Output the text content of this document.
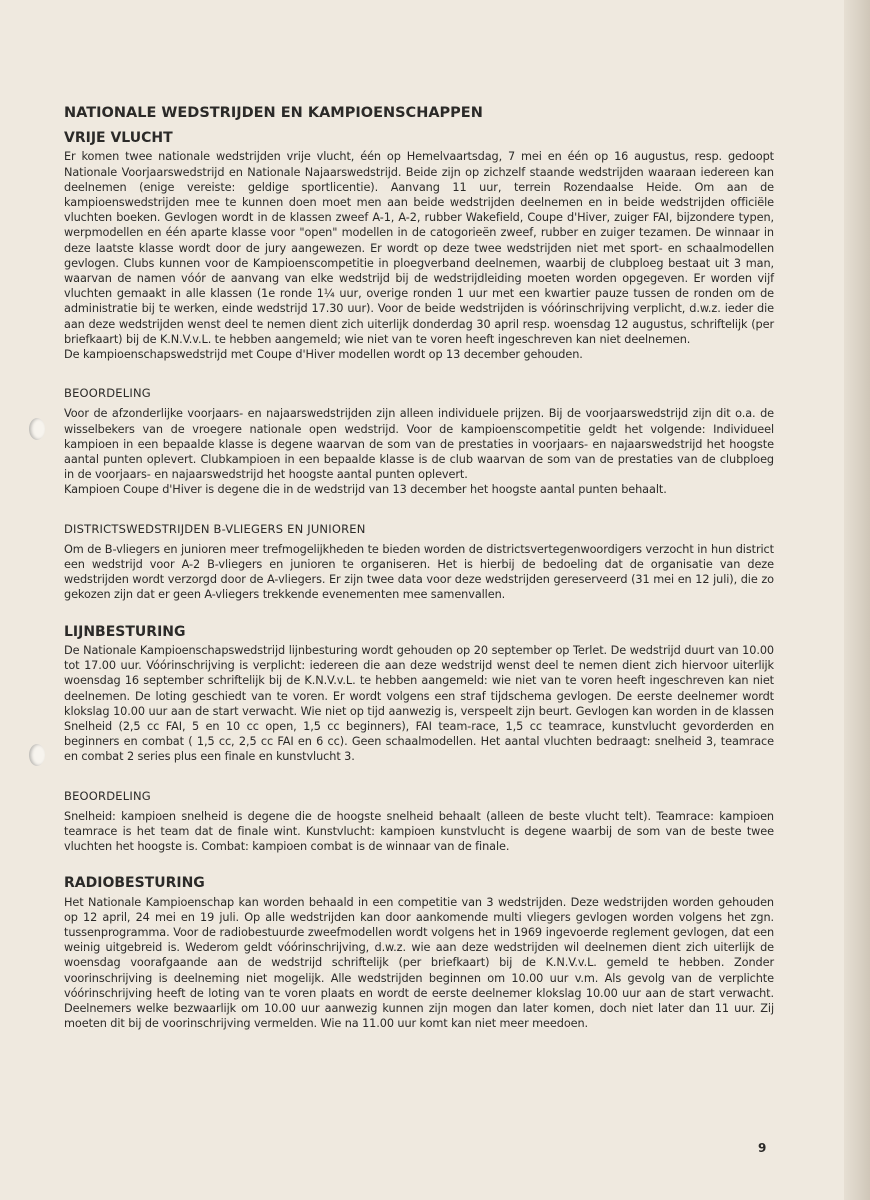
NATIONALE WEDSTRIJDEN EN KAMPIOENSCHAPPEN
VRIJE VLUCHT

Er komen twee nationale wedstrijden vrije vlucht, één op Hemelvaartsdag, 7 mei en één op 16 augustus, resp. gedoopt Nationale Voorjaarswedstrijd en Nationale Najaarswedstrijd. Beide zijn op zichzelf staande wedstrijden waaraan iedereen kan deelnemen (enige vereiste: geldige sportlicentie). Aanvang 11 uur, terrein Rozendaalse Heide. Om aan de kampioenswedstrijden mee te kunnen doen moet men aan beide wedstrijden deelnemen en in beide wedstrijden officiële vluchten boeken. Gevlogen wordt in de klassen zweef A-1, A-2, rubber Wakefield, Coupe d'Hiver, zuiger FAI, bijzondere typen, werpmodellen en één aparte klasse voor "open" modellen in de catogorieën zweef, rubber en zuiger tezamen. De winnaar in deze laatste klasse wordt door de jury aangewezen. Er wordt op deze twee wedstrijden niet met sport- en schaalmodellen gevlogen. Clubs kunnen voor de Kampioenscompetitie in ploegverband deelnemen, waarbij de clubploeg bestaat uit 3 man, waarvan de namen vóór de aanvang van elke wedstrijd bij de wedstrijdleiding moeten worden opgegeven. Er worden vijf vluchten gemaakt in alle klassen (1e ronde 1¼ uur, overige ronden 1 uur met een kwartier pauze tussen de ronden om de administratie bij te werken, einde wedstrijd 17.30 uur). Voor de beide wedstrijden is vóórinschrijving verplicht, d.w.z. ieder die aan deze wedstrijden wenst deel te nemen dient zich uiterlijk donderdag 30 april resp. woensdag 12 augustus, schriftelijk (per briefkaart) bij de K.N.V.v.L. te hebben aangemeld; wie niet van te voren heeft ingeschreven kan niet deelnemen.

De kampioenschapswedstrijd met Coupe d'Hiver modellen wordt op 13 december gehouden.

BEOORDELING

Voor de afzonderlijke voorjaars- en najaarswedstrijden zijn alleen individuele prijzen. Bij de voorjaarswedstrijd zijn dit o.a. de wisselbekers van de vroegere nationale open wedstrijd. Voor de kampioenscompetitie geldt het volgende: Individueel kampioen in een bepaalde klasse is degene waarvan de som van de prestaties in voorjaars- en najaarswedstrijd het hoogste aantal punten oplevert. Clubkampioen in een bepaalde klasse is de club waarvan de som van de prestaties van de clubploeg in de voorjaars- en najaarswedstrijd het hoogste aantal punten oplevert.

Kampioen Coupe d'Hiver is degene die in de wedstrijd van 13 december het hoogste aantal punten behaalt.

DISTRICTSWEDSTRIJDEN B-VLIEGERS EN JUNIOREN

Om de B-vliegers en junioren meer trefmogelijkheden te bieden worden de districtsvertegenwoordigers verzocht in hun district een wedstrijd voor A-2 B-vliegers en junioren te organiseren. Het is hierbij de bedoeling dat de organisatie van deze wedstrijden wordt verzorgd door de A-vliegers. Er zijn twee data voor deze wedstrijden gereserveerd (31 mei en 12 juli), die zo gekozen zijn dat er geen A-vliegers trekkende evenementen mee samenvallen.

LIJNBESTURING

De Nationale Kampioenschapswedstrijd lijnbesturing wordt gehouden op 20 september op Terlet. De wedstrijd duurt van 10.00 tot 17.00 uur. Vóórinschrijving is verplicht: iedereen die aan deze wedstrijd wenst deel te nemen dient zich hiervoor uiterlijk woensdag 16 september schriftelijk bij de K.N.V.v.L. te hebben aangemeld: wie niet van te voren heeft ingeschreven kan niet deelnemen. De loting geschiedt van te voren. Er wordt volgens een straf tijdschema gevlogen. De eerste deelnemer wordt klokslag 10.00 uur aan de start verwacht. Wie niet op tijd aanwezig is, verspeelt zijn beurt. Gevlogen kan worden in de klassen Snelheid (2,5 cc FAI, 5 en 10 cc open, 1,5 cc beginners), FAI team-race, 1,5 cc teamrace, kunstvlucht gevorderden en beginners en combat ( 1,5 cc, 2,5 cc FAI en 6 cc). Geen schaalmodellen. Het aantal vluchten bedraagt: snelheid 3, teamrace en combat 2 series plus een finale en kunstvlucht 3.

BEOORDELING

Snelheid: kampioen snelheid is degene die de hoogste snelheid behaalt (alleen de beste vlucht telt). Teamrace: kampioen teamrace is het team dat de finale wint. Kunstvlucht: kampioen kunstvlucht is degene waarbij de som van de beste twee vluchten het hoogste is. Combat: kampioen combat is de winnaar van de finale.

RADIOBESTURING

Het Nationale Kampioenschap kan worden behaald in een competitie van 3 wedstrijden. Deze wedstrijden worden gehouden op 12 april, 24 mei en 19 juli. Op alle wedstrijden kan door aankomende multi vliegers gevlogen worden volgens het zgn. tussenprogramma. Voor de radiobestuurde zweefmodellen wordt volgens het in 1969 ingevoerde reglement gevlogen, dat een weinig uitgebreid is. Wederom geldt vóórinschrijving, d.w.z. wie aan deze wedstrijden wil deelnemen dient zich uiterlijk de woensdag voorafgaande aan de wedstrijd schriftelijk (per briefkaart) bij de K.N.V.v.L. gemeld te hebben. Zonder voorinschrijving is deelneming niet mogelijk. Alle wedstrijden beginnen om 10.00 uur v.m. Als gevolg van de verplichte vóórinschrijving heeft de loting van te voren plaats en wordt de eerste deelnemer klokslag 10.00 uur aan de start verwacht. Deelnemers welke bezwaarlijk om 10.00 uur aanwezig kunnen zijn mogen dan later komen, doch niet later dan 11 uur. Zij moeten dit bij de voorinschrijving vermelden. Wie na 11.00 uur komt kan niet meer meedoen.

9
